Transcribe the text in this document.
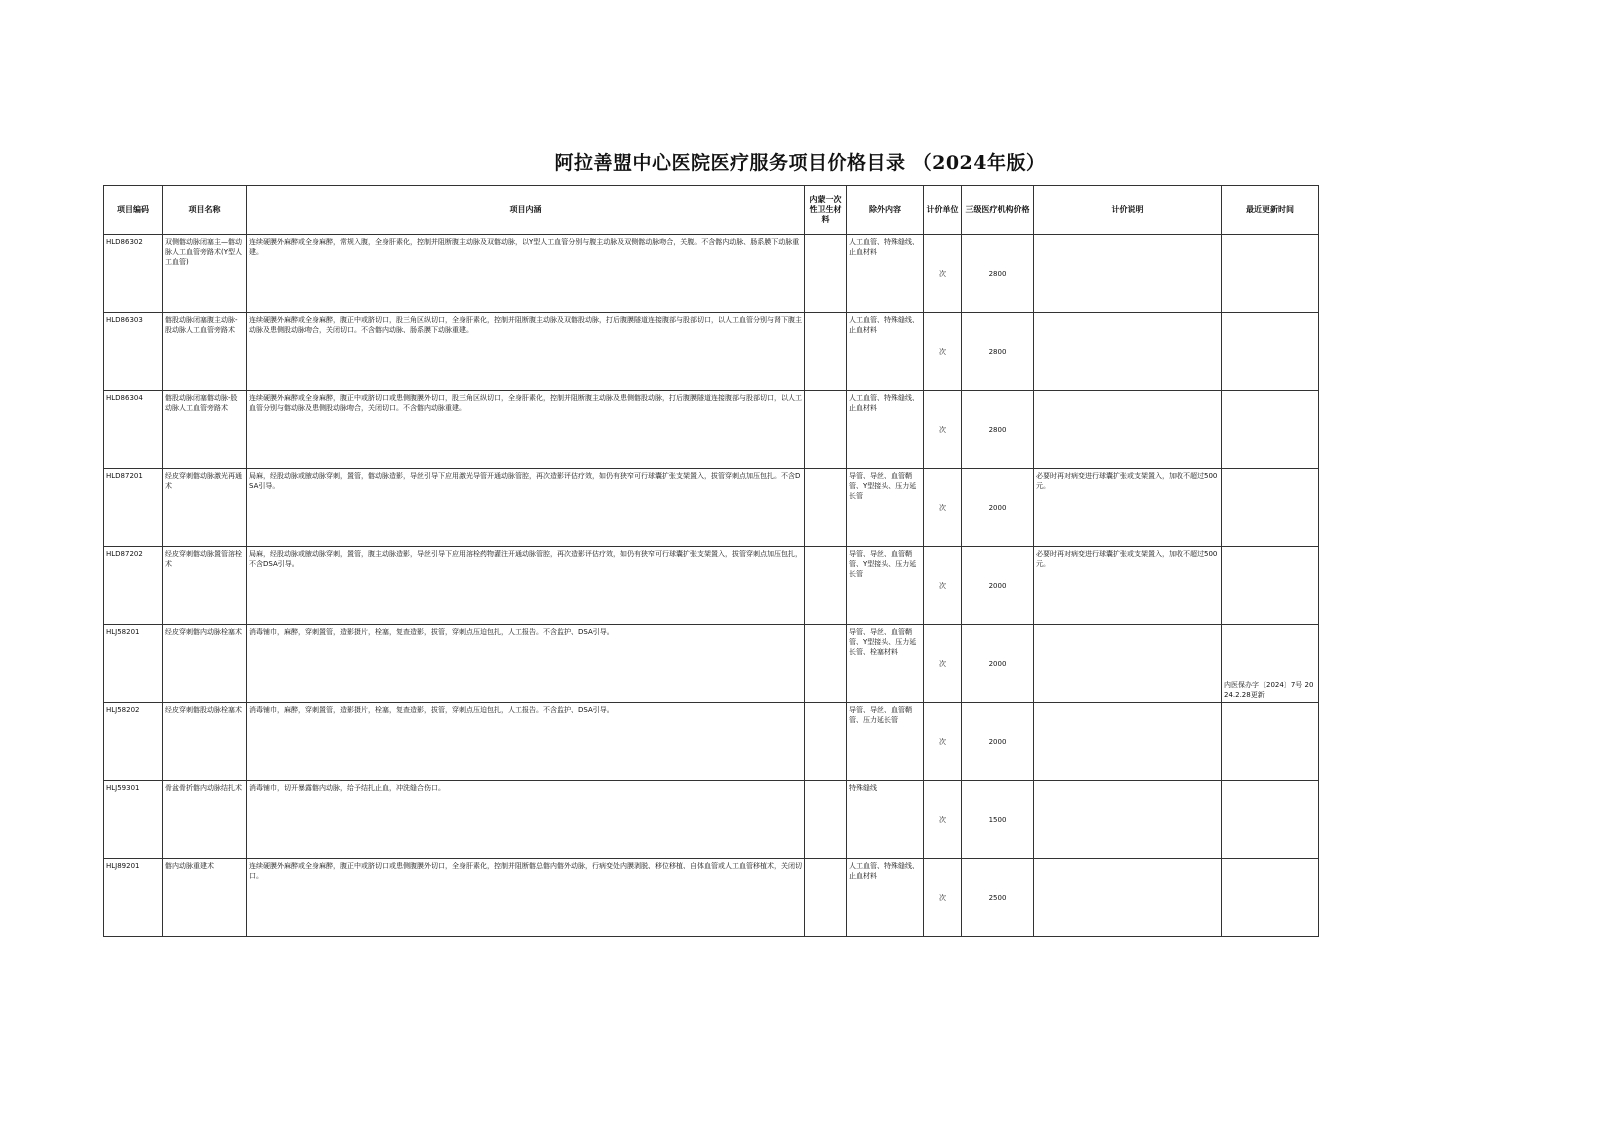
阿拉善盟中心医院医疗服务项目价格目录 （2024年版）
项目编码	项目名称	项目内涵	内蒙一次性卫生材料	除外内容	计价单位	三级医疗机构价格	计价说明	最近更新时间
HLD86302	双侧髂动脉闭塞主—髂动脉人工血管旁路术(Y型人工血管)	连续硬膜外麻醉或全身麻醉，常规入腹，全身肝素化，控制并阻断腹主动脉及双髂动脉，以Y型人工血管分别与腹主动脉及双侧髂动脉吻合，关腹。不含髂内动脉、肠系膜下动脉重建。		人工血管、特殊缝线、止血材料	次	2800		
HLD86303	髂股动脉闭塞腹主动脉-股动脉人工血管旁路术	连续硬膜外麻醉或全身麻醉，腹正中或脐切口，股三角区纵切口，全身肝素化，控制并阻断腹主动脉及双髂股动脉，打后腹膜隧道连接腹部与股部切口，以人工血管分别与肾下腹主动脉及患侧股动脉吻合，关闭切口。不含髂内动脉、肠系膜下动脉重建。		人工血管、特殊缝线、止血材料	次	2800		
HLD86304	髂股动脉闭塞髂动脉-股动脉人工血管旁路术	连续硬膜外麻醉或全身麻醉，腹正中或脐切口或患侧腹膜外切口，股三角区纵切口，全身肝素化，控制并阻断腹主动脉及患侧髂股动脉，打后腹膜隧道连接腹部与股部切口，以人工血管分别与髂动脉及患侧股动脉吻合，关闭切口。不含髂内动脉重建。		人工血管、特殊缝线、止血材料	次	2800		
HLD87201	经皮穿刺髂动脉激光再通术	局麻，经股动脉或腋动脉穿刺，置管，髂动脉造影，导丝引导下应用激光导管开通动脉管腔，再次造影评估疗效，如仍有狭窄可行球囊扩张支架置入，拔管穿刺点加压包扎。不含DSA引导。		导管、导丝、血管鞘管、Y型接头、压力延长管	次	2000	必要时再对病变进行球囊扩张或支架置入，加收不超过500元。	
HLD87202	经皮穿刺髂动脉置管溶栓术	局麻，经股动脉或腋动脉穿刺，置管，腹主动脉造影，导丝引导下应用溶栓药物灌注开通动脉管腔，再次造影评估疗效，如仍有狭窄可行球囊扩张支架置入，拔管穿刺点加压包扎，不含DSA引导。		导管、导丝、血管鞘管、Y型接头、压力延长管	次	2000	必要时再对病变进行球囊扩张或支架置入，加收不超过500元。	
HLJ58201	经皮穿刺髂内动脉栓塞术	消毒铺巾，麻醉，穿刺置管，造影摄片，栓塞，复查造影，拔管，穿刺点压迫包扎，人工报告。不含监护、DSA引导。		导管、导丝、血管鞘管、Y型接头、压力延长管、栓塞材料	次	2000		内医保办字〔2024〕7号 2024.2.28更新
HLJ58202	经皮穿刺髂股动脉栓塞术	消毒铺巾，麻醉，穿刺置管，造影摄片，栓塞，复查造影，拔管，穿刺点压迫包扎，人工报告。不含监护、DSA引导。		导管、导丝、血管鞘管、压力延长管	次	2000		
HLJ59301	骨盆骨折髂内动脉结扎术	消毒铺巾，切开暴露髂内动脉，给予结扎止血，冲洗缝合伤口。		特殊缝线	次	1500		
HLJ89201	髂内动脉重建术	连续硬膜外麻醉或全身麻醉，腹正中或脐切口或患侧腹膜外切口，全身肝素化，控制并阻断髂总髂内髂外动脉，行病变处内膜剥脱、移位移植、自体血管或人工血管移植术，关闭切口。		人工血管、特殊缝线、止血材料	次	2500		
